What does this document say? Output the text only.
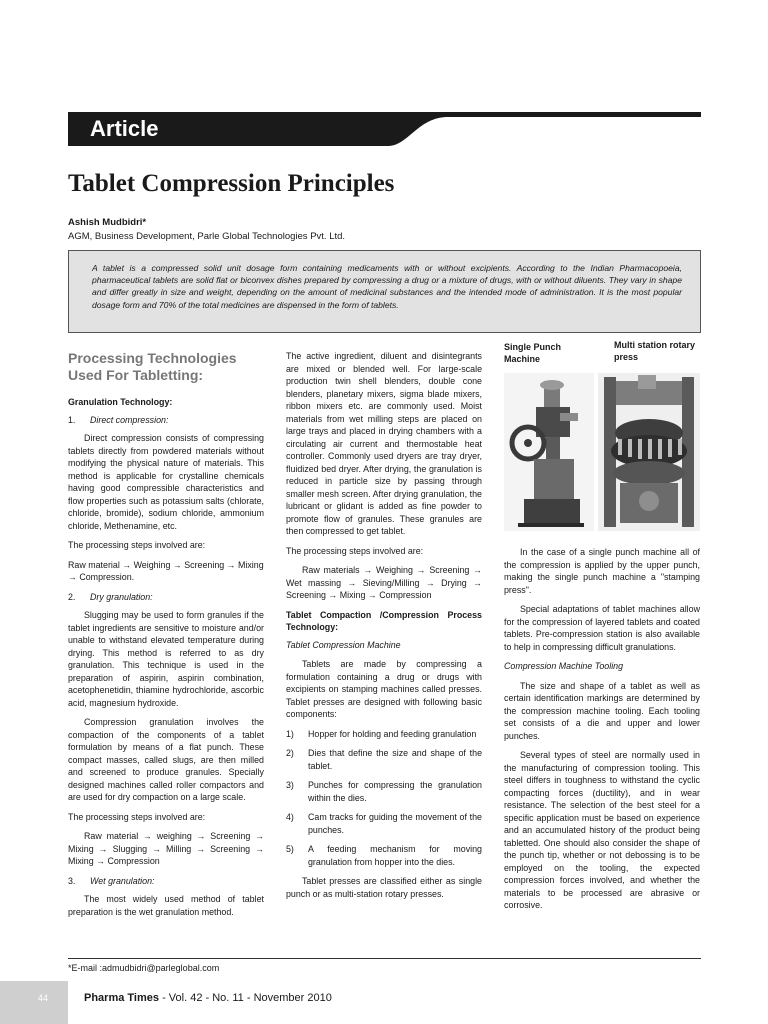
Article
Tablet Compression Principles
Ashish Mudbidri*
AGM, Business Development, Parle Global Technologies Pvt. Ltd.
A tablet is a compressed solid unit dosage form containing medicaments with or without excipients. According to the Indian Pharmacopoeia, pharmaceutical tablets are solid flat or biconvex dishes prepared by compressing a drug or a mixture of drugs, with or without diluents. They vary in shape and differ greatly in size and weight, depending on the amount of medicinal substances and the intended mode of administration. It is the most popular dosage form and 70% of the total medicines are dispensed in the form of tablets.
Processing Technologies Used For Tabletting:
Granulation Technology:
1. Direct compression:

Direct compression consists of compressing tablets directly from powdered materials without modifying the physical nature of materials. This method is applicable for crystalline chemicals having good compressible characteristics and flow properties such as potassium salts (chlorate, chloride, bromide), sodium chloride, ammonium chloride, Methenamine, etc.

The processing steps involved are:

Raw material → Weighing → Screening → Mixing → Compression.
2. Dry granulation:

Slugging may be used to form granules if the tablet ingredients are sensitive to moisture and/or unable to withstand elevated temperature during drying. This method is referred to as dry granulation. This technique is used in the preparation of aspirin, aspirin combination, acetophenetidin, thiamine hydrochloride, ascorbic acid, magnesium hydroxide.

Compression granulation involves the compaction of the components of a tablet formulation by means of a flat punch. These compact masses, called slugs, are then milled and screened to produce granules. Specially designed machines called roller compactors and are used for dry compaction on a large scale.

The processing steps involved are:

Raw material → weighing → Screening → Mixing → Slugging → Milling → Screening → Mixing → Compression

3. Wet granulation:

The most widely used method of tablet preparation is the wet granulation method.

The active ingredient, diluent and disintegrants are mixed or blended well. For large-scale production twin shell blenders, double cone blenders, planetary mixers, sigma blade mixers, ribbon mixers etc. are commonly used. Moist materials from wet milling steps are placed on large trays and placed in drying chambers with a circulating air current and thermostable heat controller. Commonly used dryers are tray dryer, fluidized bed dryer. After drying, the granulation is reduced in particle size by passing through smaller mesh screen. After drying granulation, the lubricant or glidant is added as fine powder to promote flow of granules. These granules are then compressed to get tablet.

The processing steps involved are:

Raw materials → Weighing → Screening → Wet massing → Sieving/Milling → Drying → Screening → Mixing → Compression

Tablet Compaction /Compression Process Technology:
Tablet Compression Machine

Tablets are made by compressing a formulation containing a drug or drugs with excipients on stamping machines called presses. Tablet presses are designed with following basic components:

1)	Hopper for holding and feeding granulation
2)	Dies that define the size and shape of the tablet.
3)	Punches for compressing the granulation within the dies.
4)	Cam tracks for guiding the movement of the punches.
5)	A feeding mechanism for moving granulation from hopper into the dies.

Tablet presses are classified either as single punch or as multi-station rotary presses.

Single Punch Machine
Multi station rotary press

In the case of a single punch machine all of the compression is applied by the upper punch, making the single punch machine a "stamping press".

Special adaptations of tablet machines allow for the compression of layered tablets and coated tablets. Pre-compression station is also available to help in compressing difficult granulations.

Compression Machine Tooling

The size and shape of a tablet as well as certain identification markings are determined by the compression machine tooling. Each tooling set consists of a die and upper and lower punches.

Several types of steel are normally used in the manufacturing of compression tooling. This steel differs in toughness to withstand the cyclic compacting forces (ductility), and in wear resistance. The selection of the best steel for a specific application must be based on experience and an accumulated history of the product being tabletted. One should also consider the shape of the punch tip, whether or not debossing is to be employed on the tooling, the expected compression forces involved, and whether the materials to be processed are abrasive or corrosive.

*E-mail :admudbidri@parleglobal.com
44	Pharma Times - Vol. 42 - No. 11 - November 2010
